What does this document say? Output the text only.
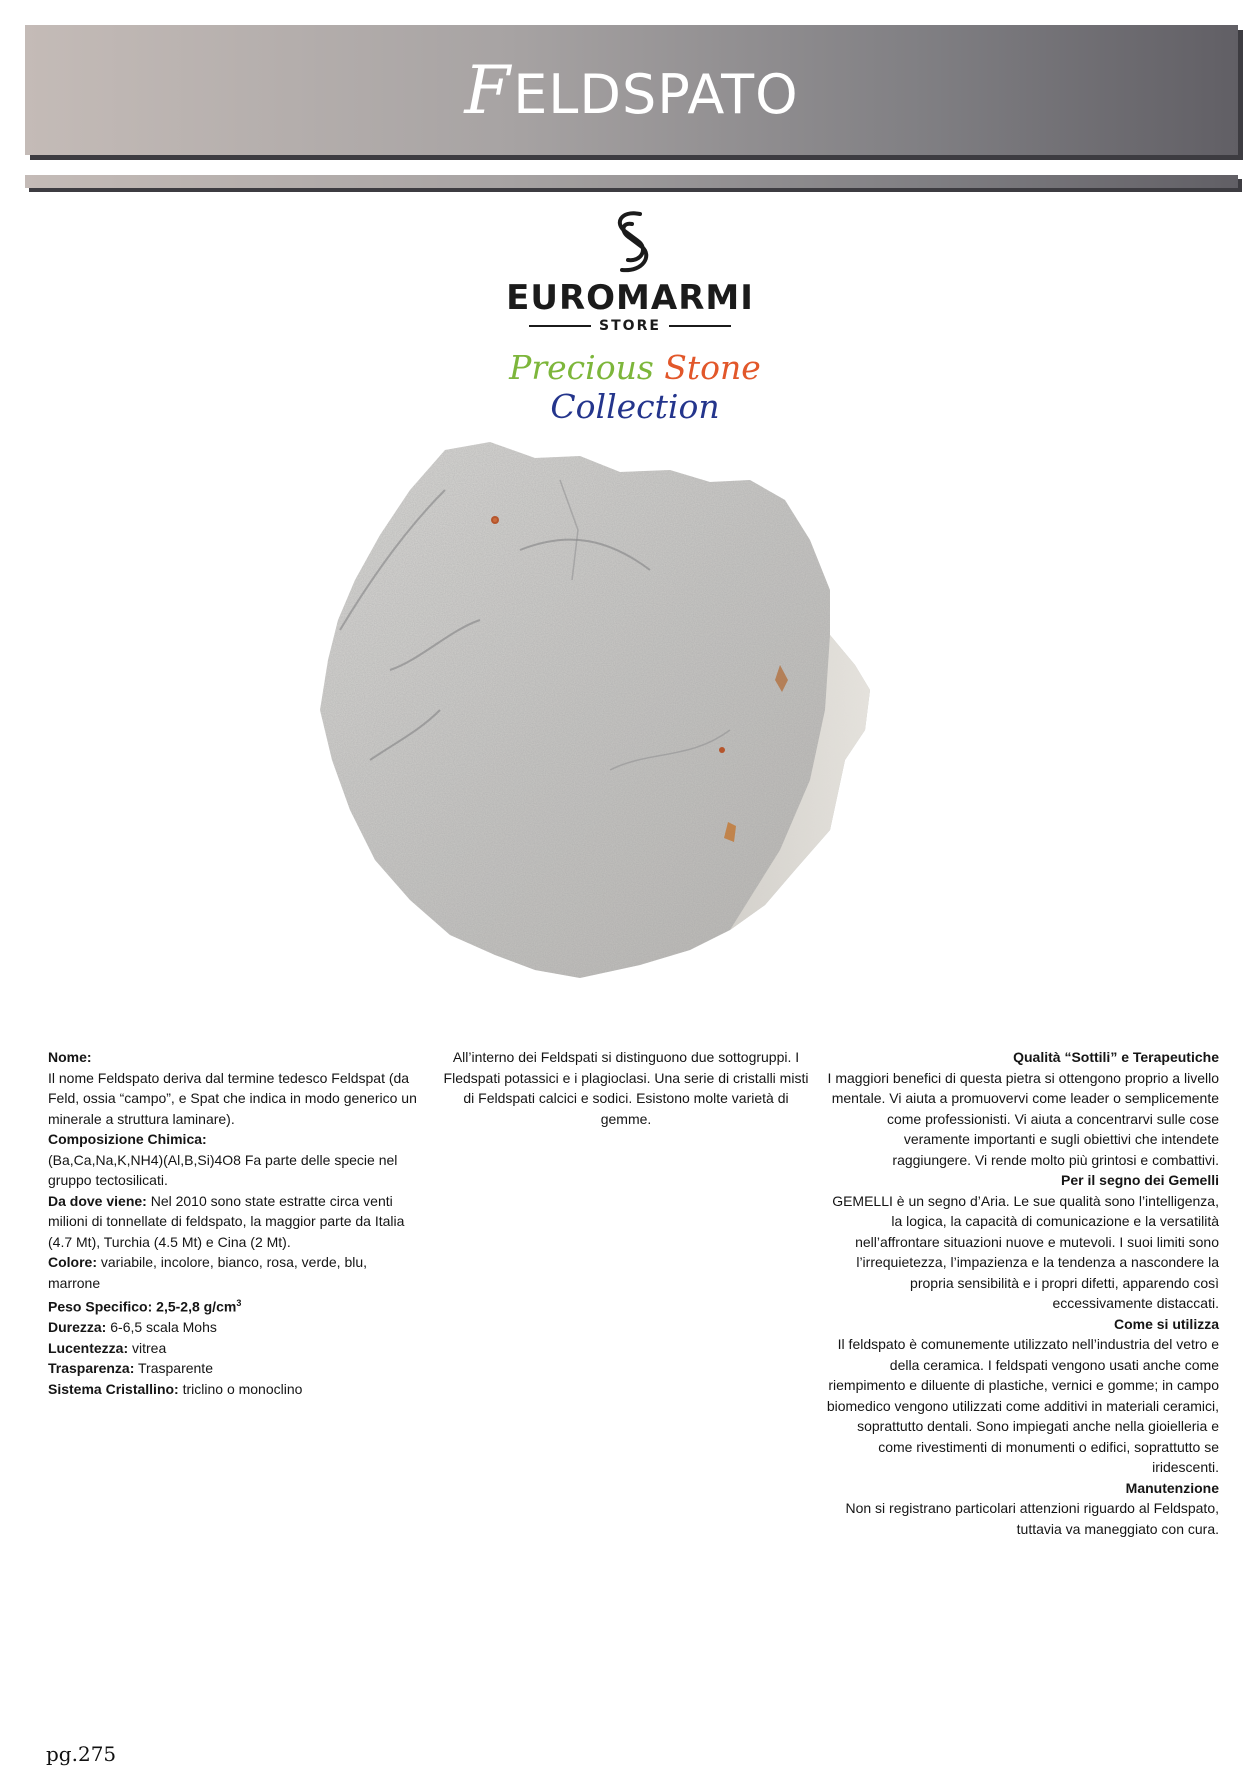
F ELDSPATO
EUROMARMI
STORE
Precious Stone Collection
Nome:
Il nome Feldspato deriva dal termine tedesco Feldspat (da Feld, ossia “campo”, e Spat che indica in modo generico un minerale a struttura laminare).
Composizione Chimica:
(Ba,Ca,Na,K,NH4)(Al,B,Si)4O8 Fa parte delle specie nel gruppo tectosilicati.
Da dove viene: Nel 2010 sono state estratte circa venti milioni di tonnellate di feldspato, la maggior parte da Italia (4.7 Mt), Turchia (4.5 Mt) e Cina (2 Mt).
Colore: variabile, incolore, bianco, rosa, verde, blu, marrone
Peso Specifico: 2,5-2,8 $g/cm^3$
Durezza: 6-6,5 scala Mohs
Lucentezza: vitrea
Trasparenza: Trasparente
Sistema Cristallino: triclino o monoclino
All’interno dei Feldspati si distinguono due sottogruppi. I Fledspati potassici e i plagioclasi. Una serie di cristalli misti di Feldspati calcici e sodici. Esistono molte varietà di gemme.
Qualità “Sottili” e Terapeutiche
I maggiori benefici di questa pietra si ottengono proprio a livello mentale. Vi aiuta a promuovervi come leader o semplicemente come professionisti. Vi aiuta a concentrarvi sulle cose veramente importanti e sugli obiettivi che intendete raggiungere. Vi rende molto più grintosi e combattivi.
Per il segno dei Gemelli
GEMELLI è un segno d’Aria. Le sue qualità sono l’intelligenza, la logica, la capacità di comunicazione e la versatilità nell’affrontare situazioni nuove e mutevoli. I suoi limiti sono l’irrequietezza, l’impazienza e la tendenza a nascondere la propria sensibilità e i propri difetti, apparendo così eccessivamente distaccati.
Come si utilizza
Il feldspato è comunemente utilizzato nell’industria del vetro e della ceramica. I feldspati vengono usati anche come riempimento e diluente di plastiche, vernici e gomme; in campo biomedico vengono utilizzati come additivi in materiali ceramici, soprattutto dentali. Sono impiegati anche nella gioielleria e come rivestimenti di monumenti o edifici, soprattutto se iridescenti.
Manutenzione
Non si registrano particolari attenzioni riguardo al Feldspato, tuttavia va maneggiato con cura.
pg.275
